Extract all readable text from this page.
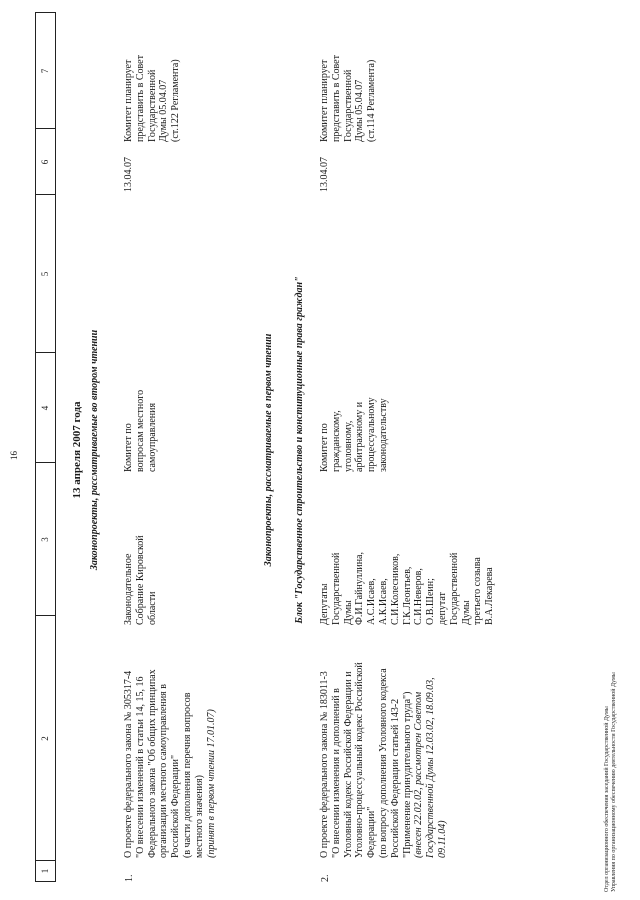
16
1
2
3
4
5
6
7
13 апреля 2007 года Законопроекты, рассматриваемые во втором чтении
1.
О проекте федерального закона № 305317-4 "О внесении изменений в статьи 14, 15, 16 Федерального закона "Об общих принципах организации местного самоуправления в Российской Федерации" (в части дополнения перечня вопросов местного значения) (принят в первом чтении 17.01.07)
Законодательное Собрание Кировской области
Комитет по вопросам местного самоуправления
13.04.07
Комитет планирует представить в Совет Государственной Думы 05.04.07 (ст.122 Регламента)
Законопроекты, рассматриваемые в первом чтении Блок "Государственное строительство и конституционные права граждан"
2.
О проекте федерального закона № 183011-3 "О внесении изменения и дополнений в Уголовный кодекс Российской Федерации и Уголовно-процессуальный кодекс Российской Федерации" (по вопросу дополнения Уголовного кодекса Российской Федерации статьей 143-2 "Применение принудительного труда") (внесен 22.02.02, рассмотрен Советом Государственной Думы 12.03.02, 18.09.03, 09.11.04)
Депутаты Государственной Думы Ф.И.Гайнуллина, А.С.Исаев, А.К.Исаев, С.И.Колесников, Г.К.Леонтьев, С.И.Неверов, О.В.Шеин; депутат Государственной Думы третьего созыва В.А.Лекарева
Комитет по гражданскому, уголовному, арбитражному и процессуальному законодательству
13.04.07
Комитет планирует представить в Совет Государственной Думы 05.04.07 (ст.114 Регламента)
Отдел организационного обеспечения заседаний Государственной Думы Управления по организационному обеспечению деятельности Государственной Думы
